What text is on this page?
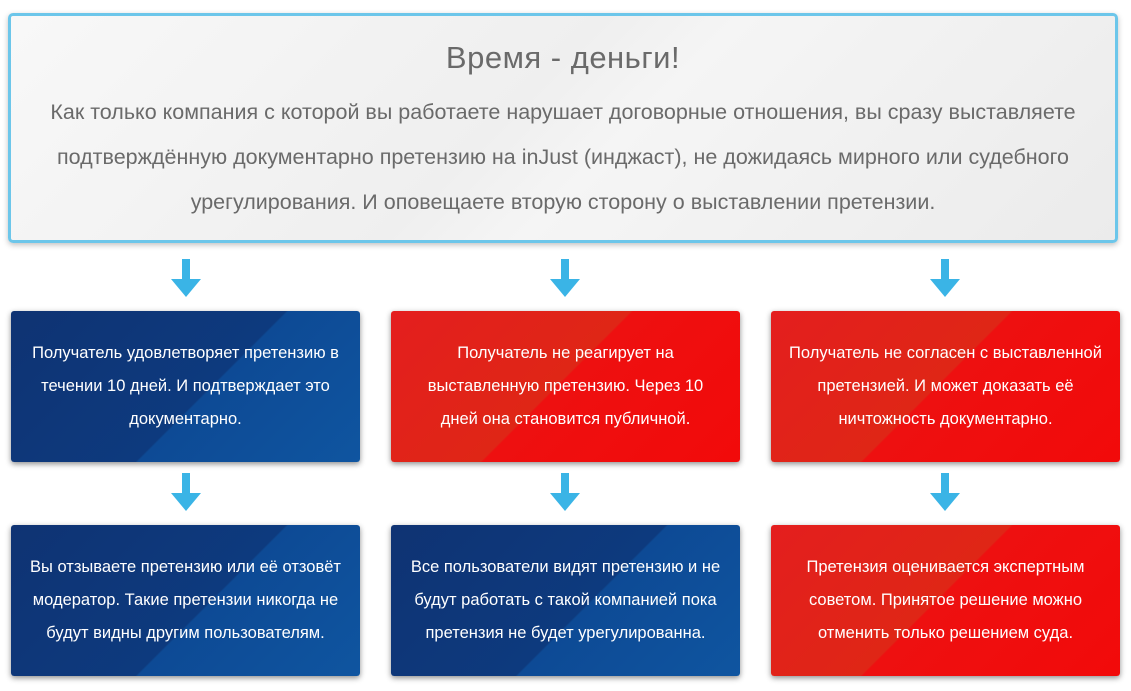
Время - деньги!
Как только компания с которой вы работаете нарушает договорные отношения, вы сразу выставляете подтверждённую документарно претензию на inJust (инджаст), не дожидаясь мирного или судебного урегулирования. И оповещаете вторую сторону о выставлении претензии.
Получатель удовлетворяет претензию в течении 10 дней. И подтверждает это документарно.
Получатель не реагирует на выставленную претензию. Через 10 дней она становится публичной.
Получатель не согласен с выставленной претензией. И может доказать её ничтожность документарно.
Вы отзываете претензию или её отзовёт модератор. Такие претензии никогда не будут видны другим пользователям.
Все пользователи видят претензию и не будут работать с такой компанией пока претензия не будет урегулированна.
Претензия оценивается экспертным советом. Принятое решение можно отменить только решением суда.
